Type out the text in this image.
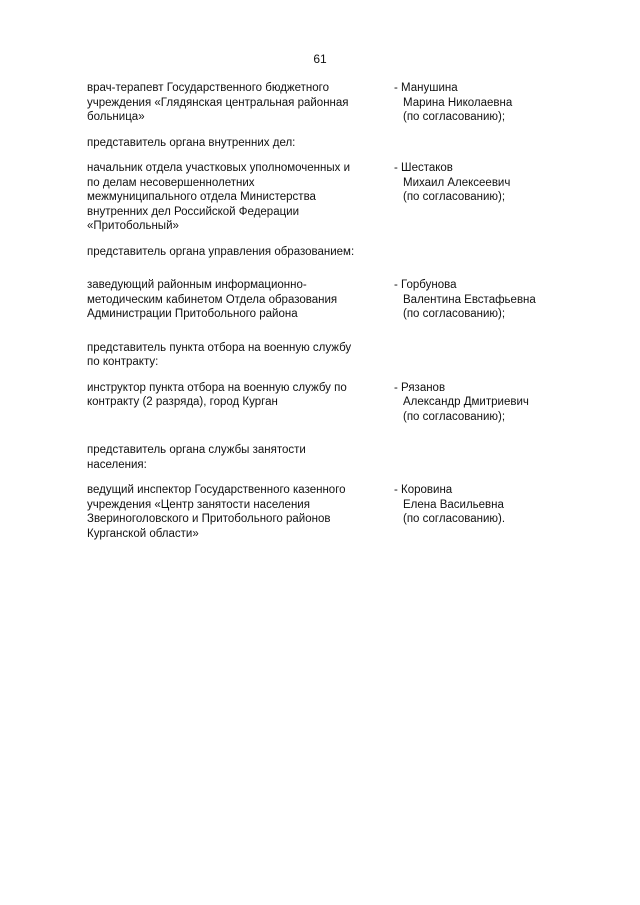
61
врач-терапевт Государственного бюджетного
учреждения «Глядянская центральная районная
больница»
- Манушина
Марина Николаевна
(по согласованию);
представитель органа внутренних дел:
начальник отдела участковых уполномоченных и
по делам несовершеннолетних
межмуниципального отдела Министерства
внутренних дел Российской Федерации
«Притобольный»
- Шестаков
Михаил Алексеевич
(по согласованию);
представитель органа управления образованием:
заведующий районным информационно-
методическим кабинетом Отдела образования
Администрации Притобольного района
- Горбунова
Валентина Евстафьевна
(по согласованию);
представитель пункта отбора на военную службу
по контракту:
инструктор пункта отбора на военную службу по
контракту (2 разряда), город Курган

- Рязанов
Александр Дмитриевич
(по согласованию);
представитель органа службы занятости
населения:
ведущий инспектор Государственного казенного
учреждения «Центр занятости населения
Звериноголовского и Притобольного районов
Курганской области»
- Коровина
Елена Васильевна
(по согласованию).
